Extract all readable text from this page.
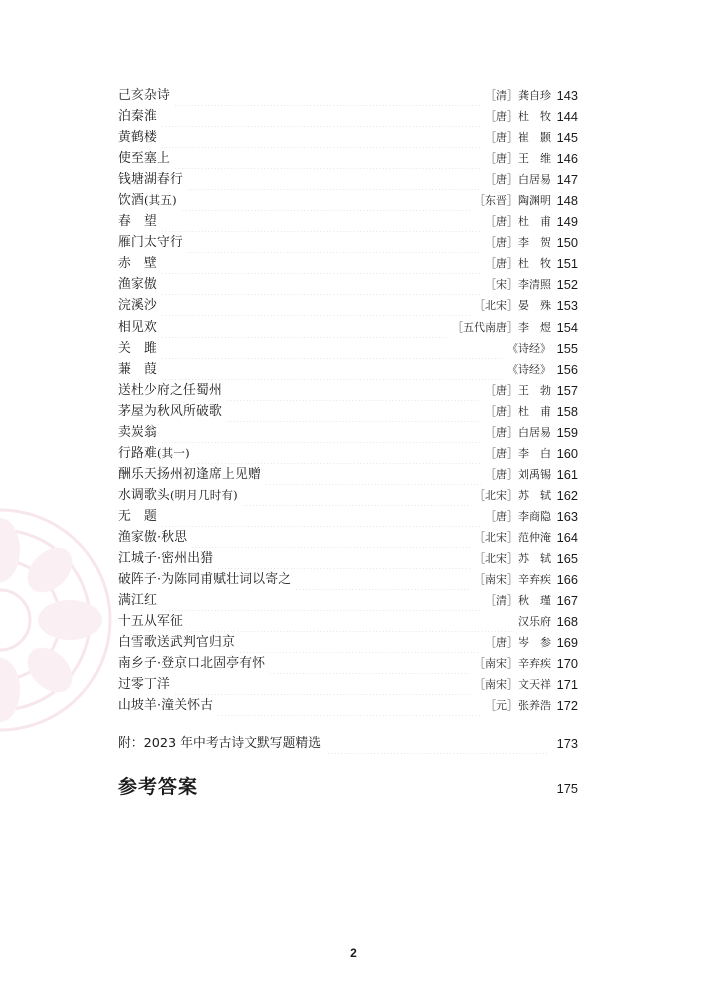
己亥杂诗	［清］龚自珍 143
泊秦淮	［唐］杜　牧 144
黄鹤楼	［唐］崔　颢 145
使至塞上	［唐］王　维 146
钱塘湖春行	［唐］白居易 147
饮酒(其五)	［东晋］陶渊明 148
春　望	［唐］杜　甫 149
雁门太守行	［唐］李　贺 150
赤　壁	［唐］杜　牧 151
渔家傲	［宋］李清照 152
浣溪沙	［北宋］晏　殊 153
相见欢	［五代南唐］李　煜 154
关　雎	《诗经》 155
蒹　葭	《诗经》 156
送杜少府之任蜀州	［唐］王　勃 157
茅屋为秋风所破歌	［唐］杜　甫 158
卖炭翁	［唐］白居易 159
行路难(其一)	［唐］李　白 160
酬乐天扬州初逢席上见赠	［唐］刘禹锡 161
水调歌头(明月几时有)	［北宋］苏　轼 162
无　题	［唐］李商隐 163
渔家傲·秋思	［北宋］范仲淹 164
江城子·密州出猎	［北宋］苏　轼 165
破阵子·为陈同甫赋壮词以寄之	［南宋］辛弃疾 166
满江红	［清］秋　瑾 167
十五从军征	汉乐府 168
白雪歌送武判官归京	［唐］岑　参 169
南乡子·登京口北固亭有怀	［南宋］辛弃疾 170
过零丁洋	［南宋］文天祥 171
山坡羊·潼关怀古	［元］张养浩 172
附：2023 年中考古诗文默写题精选	173
参考答案	175
2
